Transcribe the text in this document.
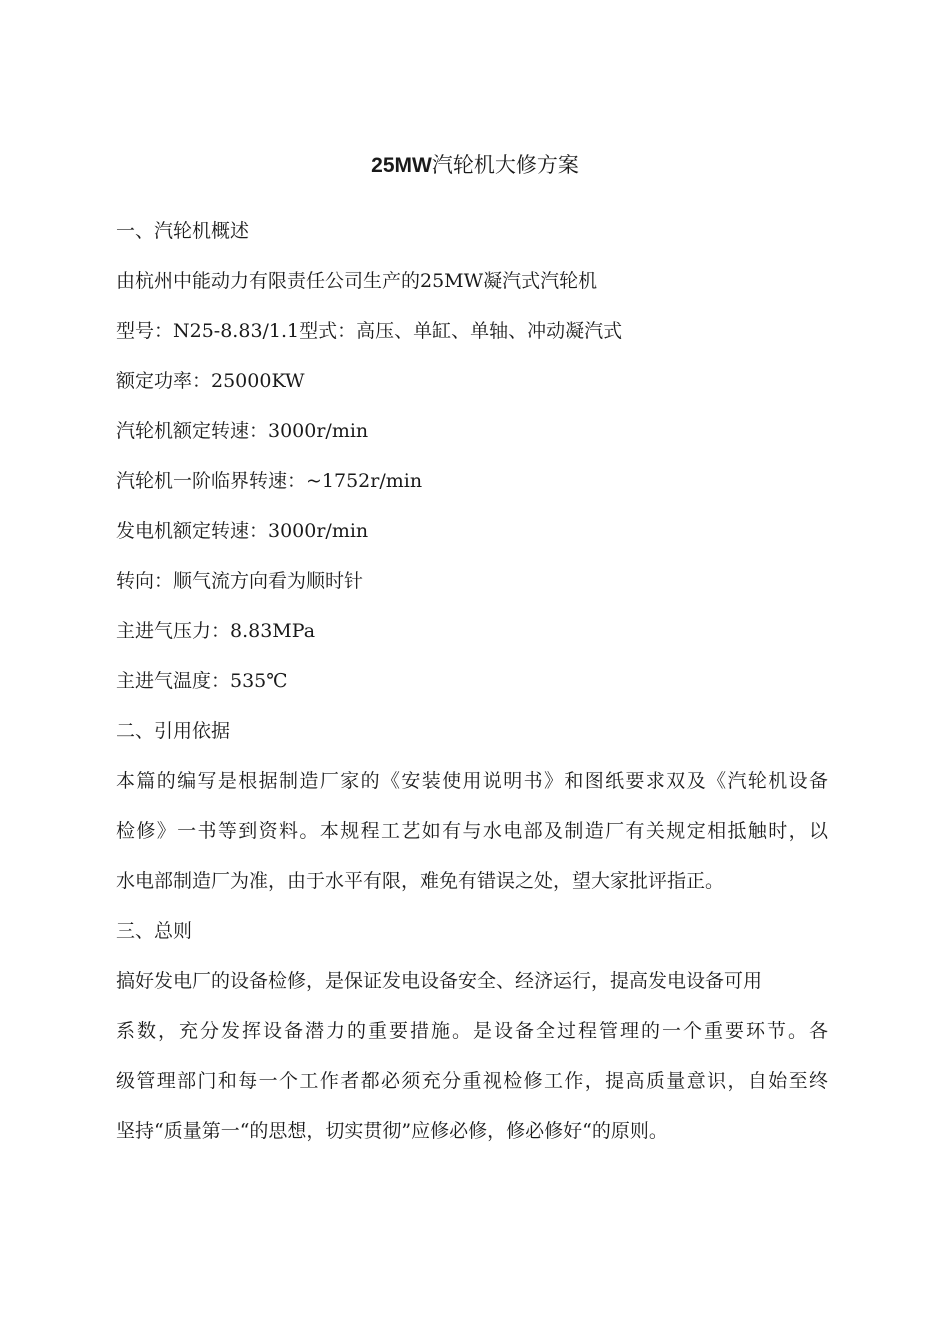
25MW汽轮机大修方案
一、汽轮机概述
由杭州中能动力有限责任公司生产的25MW凝汽式汽轮机
型号：N25-8.83/1.1型式：高压、单缸、单轴、冲动凝汽式
额定功率：25000KW
汽轮机额定转速：3000r/min
汽轮机一阶临界转速：~1752r/min
发电机额定转速：3000r/min
转向：顺气流方向看为顺时针
主进气压力：8.83MPa
主进气温度：535℃
二、引用依据
本篇的编写是根据制造厂家的《安装使用说明书》和图纸要求双及《汽轮机设备
检修》一书等到资料。本规程工艺如有与水电部及制造厂有关规定相抵触时，以
水电部制造厂为准，由于水平有限，难免有错误之处，望大家批评指正。
三、总则
搞好发电厂的设备检修，是保证发电设备安全、经济运行，提高发电设备可用
系数，充分发挥设备潜力的重要措施。是设备全过程管理的一个重要环节。各
级管理部门和每一个工作者都必须充分重视检修工作，提高质量意识，自始至终
坚持“质量第一“的思想，切实贯彻”应修必修，修必修好“的原则。
